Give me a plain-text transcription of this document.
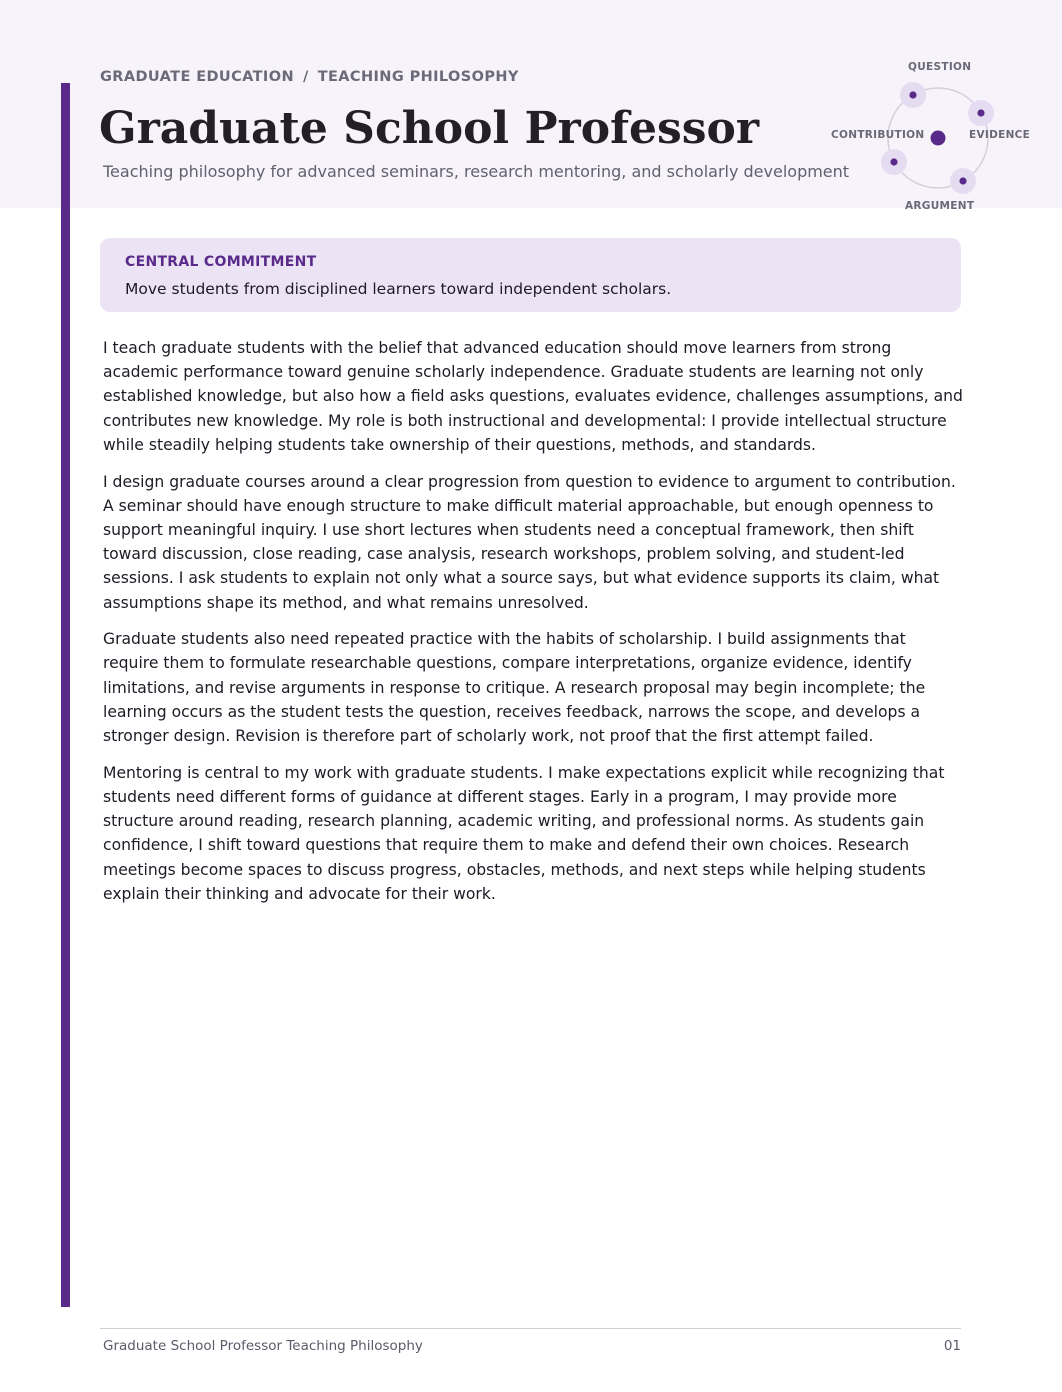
GRADUATE EDUCATION / TEACHING PHILOSOPHY
Graduate School Professor

Teaching philosophy for advanced seminars, research mentoring, and scholarly development

QUESTION
EVIDENCE
ARGUMENT
CONTRIBUTION
CENTRAL COMMITMENT
Move students from disciplined learners toward independent scholars.

I teach graduate students with the belief that advanced education should move learners from strong academic performance toward genuine scholarly independence. Graduate students are learning not only established knowledge, but also how a field asks questions, evaluates evidence, challenges assumptions, and contributes new knowledge. My role is both instructional and developmental: I provide intellectual structure while steadily helping students take ownership of their questions, methods, and standards.

I design graduate courses around a clear progression from question to evidence to argument to contribution. A seminar should have enough structure to make difficult material approachable, but enough openness to support meaningful inquiry. I use short lectures when students need a conceptual framework, then shift toward discussion, close reading, case analysis, research workshops, problem solving, and student-led sessions. I ask students to explain not only what a source says, but what evidence supports its claim, what assumptions shape its method, and what remains unresolved.

Graduate students also need repeated practice with the habits of scholarship. I build assignments that require them to formulate researchable questions, compare interpretations, organize evidence, identify limitations, and revise arguments in response to critique. A research proposal may begin incomplete; the learning occurs as the student tests the question, receives feedback, narrows the scope, and develops a stronger design. Revision is therefore part of scholarly work, not proof that the first attempt failed.

Mentoring is central to my work with graduate students. I make expectations explicit while recognizing that students need different forms of guidance at different stages. Early in a program, I may provide more structure around reading, research planning, academic writing, and professional norms. As students gain confidence, I shift toward questions that require them to make and defend their own choices. Research meetings become spaces to discuss progress, obstacles, methods, and next steps while helping students explain their thinking and advocate for their work.

Graduate School Professor Teaching Philosophy	01
